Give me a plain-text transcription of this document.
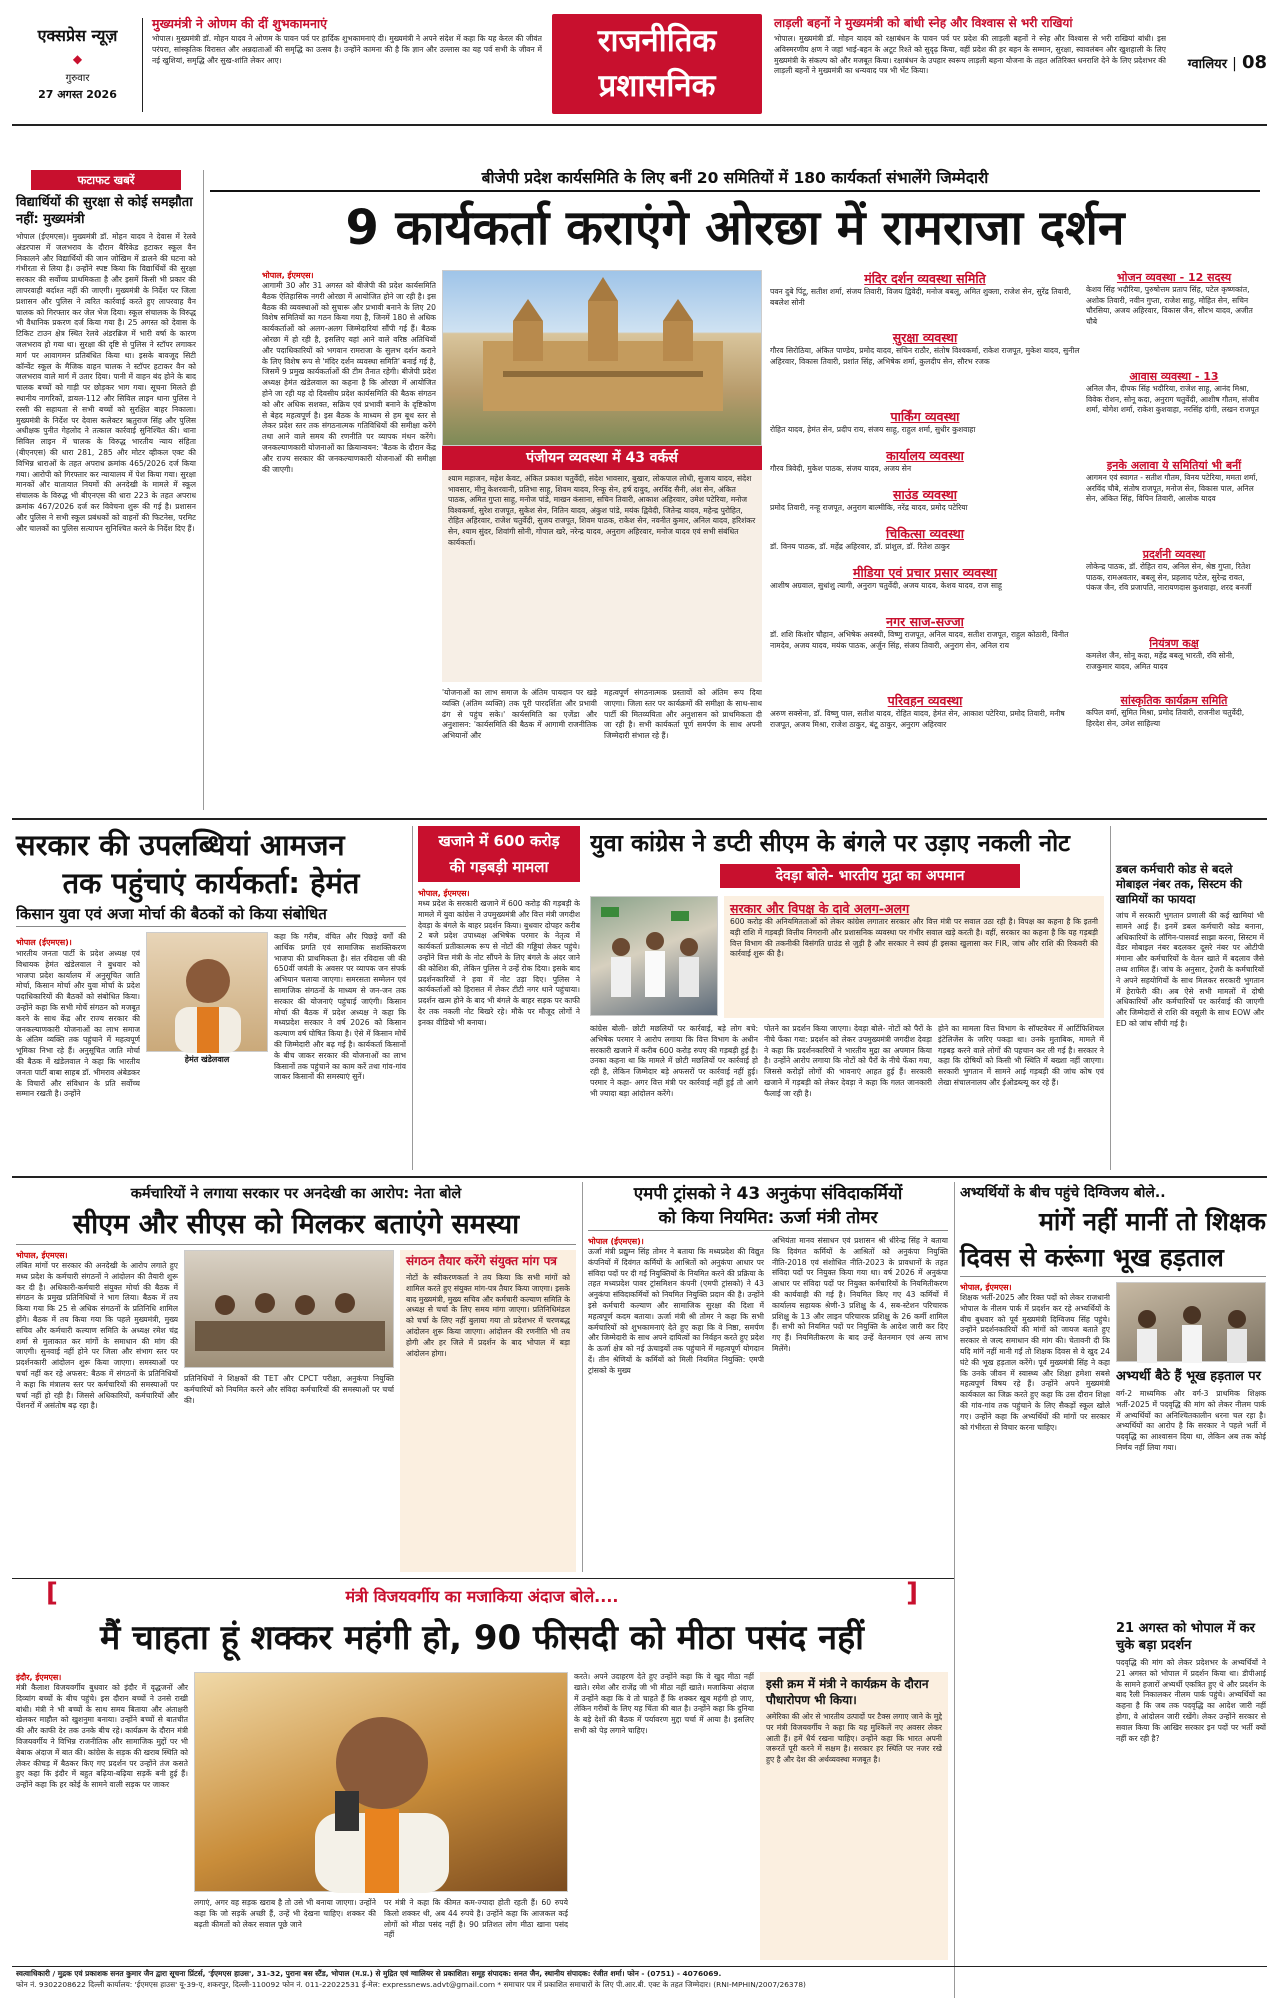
एक्सप्रेस न्यूज़
◆
गुरुवार
27 अगस्त 2026
मुख्यमंत्री ने ओणम की दीं शुभकामनाएं
भोपाल। मुख्यमंत्री डॉ. मोहन यादव ने ओणम के पावन पर्व पर हार्दिक शुभकामनाएं दी। मुख्यमंत्री ने अपने संदेश में कहा कि यह केरल की जीवंत परंपरा, सांस्कृतिक विरासत और अन्नदाताओं की समृद्धि का उत्सव है। उन्होंने कामना की है कि ज्ञान और उल्लास का यह पर्व सभी के जीवन में नई खुशियां, समृद्धि और सुख-शांति लेकर आए।
राजनीतिक
प्रशासनिक
लाड़ली बहनों ने मुख्यमंत्री को बांधी स्नेह और विश्वास से भरी राखियां
भोपाल। मुख्यमंत्री डॉ. मोहन यादव को रक्षाबंधन के पावन पर्व पर प्रदेश की लाड़ली बहनों ने स्नेह और विश्वास से भरी राखियां बांधी। इस अविस्मरणीय क्षण ने जहां भाई-बहन के अटूट रिश्ते को सुदृढ़ किया, वहीं प्रदेश की हर बहन के सम्मान, सुरक्षा, स्वावलंबन और खुशहाली के लिए मुख्यमंत्री के संकल्प को और मजबूत किया। रक्षाबंधन के उपहार स्वरूप लाड़ली बहना योजना के तहत अतिरिक्त धनराशि देने के लिए प्रदेशभर की लाड़ली बहनों ने मुख्यमंत्री का धन्यवाद पत्र भी भेंट किया।	ग्वालियर | 08
फटाफट खबरें
विद्यार्थियों की सुरक्षा से कोई समझौता नहीं: मुख्यमंत्री
भोपाल (ईएमएस)। मुख्यमंत्री डॉ. मोहन यादव ने देवास में रेलवे अंडरपास में जलभराव के दौरान बैरिकेड हटाकर स्कूल वैन निकालने और विद्यार्थियों की जान जोखिम में डालने की घटना को गंभीरता से लिया है। उन्होंने स्पष्ट किया कि विद्यार्थियों की सुरक्षा सरकार की सर्वोच्च प्राथमिकता है और इसमें किसी भी प्रकार की लापरवाही बर्दाश्त नहीं की जाएगी। मुख्यमंत्री के निर्देश पर जिला प्रशासन और पुलिस ने त्वरित कार्रवाई करते हुए लापरवाह वैन चालक को गिरफ्तार कर जेल भेज दिया। स्कूल संचालक के विरुद्ध भी वैधानिक प्रकरण दर्ज किया गया है। 25 अगस्त को देवास के टिकिट टाउन क्षेत्र स्थित रेलवे अंडरब्रिज में भारी वर्षा के कारण जलभराव हो गया था। सुरक्षा की दृष्टि से पुलिस ने स्टॉपर लगाकर मार्ग पर आवागमन प्रतिबंधित किया था। इसके बावजूद सिटी कॉन्वेंट स्कूल के मैजिक वाहन चालक ने स्टॉपर हटाकर वैन को जलभराव वाले मार्ग में उतार दिया। पानी में वाहन बंद होने के बाद चालक बच्चों को गाड़ी पर छोड़कर भाग गया। सूचना मिलते ही स्थानीय नागरिकों, डायल-112 और सिविल लाइन थाना पुलिस ने रस्सी की सहायता से सभी बच्चों को सुरक्षित बाहर निकाला। मुख्यमंत्री के निर्देश पर देवास कलेक्टर ऋतुराज सिंह और पुलिस अधीक्षक पुनीत गेहलोद ने तत्काल कार्रवाई सुनिश्चित की। थाना सिविल लाइन में चालक के विरुद्ध भारतीय न्याय संहिता (बीएनएस) की धारा 281, 285 और मोटर व्हीकल एक्ट की विभिन्न धाराओं के तहत अपराध क्रमांक 465/2026 दर्ज किया गया। आरोपी को गिरफ्तार कर न्यायालय में पेश किया गया। सुरक्षा मानकों और यातायात नियमों की अनदेखी के मामले में स्कूल संचालक के विरुद्ध भी बीएनएस की धारा 223 के तहत अपराध क्रमांक 467/2026 दर्ज कर विवेचना शुरू की गई है। प्रशासन और पुलिस ने सभी स्कूल प्रबंधकों को वाहनों की फिटनेस, परमिट और चालकों का पुलिस सत्यापन सुनिश्चित करने के निर्देश दिए हैं।
बीजेपी प्रदेश कार्यसमिति के लिए बनीं 20 समितियों में 180 कार्यकर्ता संभालेंगे जिम्मेदारी
9 कार्यकर्ता कराएंगे ओरछा में रामराजा दर्शन
भोपाल, ईएमएस।
आगामी 30 और 31 अगस्त को बीजेपी की प्रदेश कार्यसमिति बैठक ऐतिहासिक नगरी ओरछा में आयोजित होने जा रही है। इस बैठक की व्यवस्थाओं को सुचारू और प्रभावी बनाने के लिए 20 विशेष समितियों का गठन किया गया है, जिनमें 180 से अधिक कार्यकर्ताओं को अलग-अलग जिम्मेदारियां सौंपी गई हैं। बैठक ओरछा में हो रही है, इसलिए यहां आने वाले वरिष्ठ अतिथियों और पदाधिकारियों को भगवान रामराजा के सुलभ दर्शन कराने के लिए विशेष रूप से 'मंदिर दर्शन व्यवस्था समिति' बनाई गई है, जिसमें 9 प्रमुख कार्यकर्ताओं की टीम तैनात रहेगी। बीजेपी प्रदेश अध्यक्ष हेमंत खंडेलवाल का कहना है कि ओरछा में आयोजित होने जा रही यह दो दिवसीय प्रदेश कार्यसमिति की बैठक संगठन को और अधिक सशक्त, सक्रिय एवं प्रभावी बनाने के दृष्टिकोण से बेहद महत्वपूर्ण है। इस बैठक के माध्यम से हम बूथ स्तर से लेकर प्रदेश स्तर तक संगठनात्मक गतिविधियों की समीक्षा करेंगे तथा आने वाले समय की रणनीति पर व्यापक मंथन करेंगे। जनकल्याणकारी योजनाओं का क्रियान्वयन: 'बैठक के दौरान केंद्र और राज्य सरकार की जनकल्याणकारी योजनाओं की समीक्षा की जाएगी।
पंजीयन व्यवस्था में 43 वर्कर्स
श्याम महाजन, महेश केवट, अंकित प्रकाश चतुर्वेदी, संदेश भावसार, बुखार, लोकपाल लोधी, सुजाय यादव, संदेश भावसार, मीनू केशरवानी, प्रतिभा साहू, शिवम यादव, रिन्कू सेन, हर्ष दावुद, अरविंद सैनी, अंश सेन, अंकित पाठक, अमित गुप्ता साहू, मनोज पांडे, माखन कंसाना, सचिन तिवारी, आकाश अहिरवार, उमेश पटेरिया, मनोज विश्वकर्मा, सुरेश राजपूत, सुकेश सेन, नितिन यादव, अंकुश पांडे, मयंक द्विवेदी, जितेन्द्र यादव, महेन्द्र पुरोहित, रोहित अहिरवार, राजेश चतुर्वेदी, सुजय राजपूत, शिवम पाठक, राकेश सेन, नवनीत कुमार, अनिल यादव, हरिशंकर सेन, श्याम सुंदर, शिवांगी सोनी, गोपाल खरे, नरेन्द्र यादव, अनुराग अहिरवार, मनोज यादव एवं सभी संबंधित कार्यकर्ता।
'योजनाओं का लाभ समाज के अंतिम पायदान पर खड़े व्यक्ति (अंतिम व्यक्ति) तक पूरी पारदर्शिता और प्रभावी ढंग से पहुंच सके।' कार्यसमिति का एजेंडा और अनुशासन: 'कार्यसमिति की बैठक में आगामी राजनीतिक अभियानों और
महत्वपूर्ण संगठनात्मक प्रस्तावों को अंतिम रूप दिया जाएगा। जिला स्तर पर कार्यक्रमों की समीक्षा के साथ-साथ पार्टी की मितव्ययिता और अनुशासन को प्राथमिकता दी जा रही है। सभी कार्यकर्ता पूर्ण समर्पण के साथ अपनी जिम्मेदारी संभाल रहे हैं।
मंदिर दर्शन व्यवस्था समिति
पवन दुबे पिंटू, सतीश शर्मा, संजय तिवारी, विजय द्विवेदी, मनोज बबलू, अमित शुक्ला, राजेश सेन, सुरेंद्र तिवारी, बबलेश सोनी
सुरक्षा व्यवस्था
गौरव सिरोठिया, अंकित पाण्डेय, प्रमोद यादव, सचिन राठौर, संतोष विश्वकर्मा, राकेश राजपूत, मुकेश यादव, सुनील अहिरवार, विकास तिवारी, प्रशांत सिंह, अभिषेक शर्मा, कुलदीप सेन, सौरभ रजक
पार्किंग व्यवस्था
रोहित यादव, हेमंत सेन, प्रदीप राय, संजय साहू, राहुल शर्मा, सुधीर कुशवाहा
कार्यालय व्यवस्था
गौरव त्रिवेदी, मुकेश पाठक, संजय यादव, अजय सेन
साउंड व्यवस्था
प्रमोद तिवारी, नन्हू राजपूत, अनुराग बाल्मीकि, नरेंद्र यादव, प्रमोद पटेरिया
चिकित्सा व्यवस्था
डॉ. विनय पाठक, डॉ. महेंद्र अहिरवार, डॉ. प्रांशुल, डॉ. रितेश ठाकुर
मीडिया एवं प्रचार प्रसार व्यवस्था
आशीष अग्रवाल, सुधांशु त्यागी, अनुराग चतुर्वेदी, अजय यादव, केशव यादव, राज साहू
नगर साज-सज्जा
डॉ. शशि किशोर चौहान, अभिषेक अवस्थी, विष्णु राजपूत, अनिल यादव, सतीश राजपूत, राहुल कोठारी, विनीत नामदेव, अजय यादव, मयंक पाठक, अर्जुन सिंह, संजय तिवारी, अनुराग सेन, अनिल राय
परिवहन व्यवस्था
अरुण सक्सेना, डॉ. विष्णु पाल, सतीश यादव, रोहित यादव, हेमंत सेन, आकाश पटेरिया, प्रमोद तिवारी, मनीष राजपूत, अजय मिश्रा, राजेश ठाकुर, बंटू ठाकुर, अनुराग अहिरवार
भोजन व्यवस्था - 12 सदस्य
केशव सिंह भदौरिया, पुरुषोत्तम प्रताप सिंह, पटेल कृष्णकांत, अशोक तिवारी, नवीन गुप्ता, राजेश साहू, मोहित सेन, सचिन चौरसिया, अजय अहिरवार, विकास जैन, सौरभ यादव, अजीत चौबे
आवास व्यवस्था - 13
अनिल जैन, दीपक सिंह भदौरिया, राजेश साहू, आनंद मिश्रा, विवेक रोशन, सोनू कदा, अनुराग चतुर्वेदी, आशीष गौतम, संजीव शर्मा, योगेश शर्मा, राकेश कुशवाहा, नरसिंह दांगी, लखन राजपूत
इनके अलावा ये समितियां भी बनीं
आगमन एवं स्वागत - सतीश गौतम, विनय पटेरिया, ममता शर्मा, अरविंद चौबे, संतोष राजपूत, मनोज सेन, विकास पाल, अनिल सेन, अंकित सिंह, विपिन तिवारी, आलोक यादव
प्रदर्शनी व्यवस्था
लोकेन्द्र पाठक, डॉ. रोहित राय, अनिल सेन, श्रेष्ठ गुप्ता, रितेश पाठक, रामअवतार, बबलू सेन, प्रहलाद पटेल, सुरेन्द्र रावत, पंकज जैन, रवि प्रजापति, नारायणदास कुशवाहा, शरद बनर्जी
नियंत्रण कक्ष
कमलेश जैन, सोनू कदा, महेंद्र बबलू भारती, रवि सोनी, राजकुमार यादव, अमित यादव
सांस्कृतिक कार्यक्रम समिति
कपिल वर्मा, सुमित मिश्रा, प्रमोद तिवारी, राजनीश चतुर्वेदी, हिरदेश सेन, उमेश साहिल्या
सरकार की उपलब्धियां आमजन
तक पहुंचाएं कार्यकर्ता: हेमंत
किसान युवा एवं अजा मोर्चा की बैठकों को किया संबोधित
भोपाल (ईएमएस)।
भारतीय जनता पार्टी के प्रदेश अध्यक्ष एवं विधायक हेमंत खंडेलवाल ने बुधवार को भाजपा प्रदेश कार्यालय में अनुसूचित जाति मोर्चा, किसान मोर्चा और युवा मोर्चा के प्रदेश पदाधिकारियों की बैठकों को संबोधित किया। उन्होंने कहा कि सभी मोर्चे संगठन को मजबूत करने के साथ केंद्र और राज्य सरकार की जनकल्याणकारी योजनाओं का लाभ समाज के अंतिम व्यक्ति तक पहुंचाने में महत्वपूर्ण भूमिका निभा रहे हैं। अनुसूचित जाति मोर्चा की बैठक में खंडेलवाल ने कहा कि भारतीय जनता पार्टी बाबा साहब डॉ. भीमराव अंबेडकर के विचारों और संविधान के प्रति सर्वोच्च सम्मान रखती है। उन्होंने
हेमंत खंडेलवाल
कहा कि गरीब, वंचित और पिछड़े वर्गों की आर्थिक प्रगति एवं सामाजिक सशक्तिकरण भाजपा की प्राथमिकता है। संत रविदास जी की 650वीं जयंती के अवसर पर व्यापक जन संपर्क अभियान चलाया जाएगा। समरसता सम्मेलन एवं सामाजिक संगठनों के माध्यम से जन-जन तक सरकार की योजनाएं पहुंचाई जाएंगी। किसान मोर्चा की बैठक में प्रदेश अध्यक्ष ने कहा कि मध्यप्रदेश सरकार ने वर्ष 2026 को किसान कल्याण वर्ष घोषित किया है। ऐसे में किसान मोर्चे की जिम्मेदारी और बढ़ गई है। कार्यकर्ता किसानों के बीच जाकर सरकार की योजनाओं का लाभ किसानों तक पहुंचाने का काम करें तथा गांव-गांव जाकर किसानों की समस्याएं सुनें।
खजाने में 600 करोड़
की गड़बड़ी मामला
भोपाल, ईएमएस।
मध्य प्रदेश के सरकारी खजाने में 600 करोड़ की गड़बड़ी के मामले में युवा कांग्रेस ने उपमुख्यमंत्री और वित्त मंत्री जगदीश देवड़ा के बंगले के बाहर प्रदर्शन किया। बुधवार दोपहर करीब 2 बजे प्रदेश उपाध्यक्ष अभिषेक परमार के नेतृत्व में कार्यकर्ता प्रतीकात्मक रूप से नोटों की गड्डियां लेकर पहुंचे। उन्होंने वित्त मंत्री के नोट सौंपने के लिए बंगले के अंदर जाने की कोशिश की, लेकिन पुलिस ने उन्हें रोक दिया। इसके बाद प्रदर्शनकारियों ने हवा में नोट उड़ा दिए। पुलिस ने कार्यकर्ताओं को हिरासत में लेकर टीटी नगर थाने पहुंचाया। प्रदर्शन खत्म होने के बाद भी बंगले के बाहर सड़क पर काफी देर तक नकली नोट बिखरे रहे। मौके पर मौजूद लोगों ने इनका वीडियो भी बनाया।
युवा कांग्रेस ने डप्टी सीएम के बंगले पर उड़ाए नकली नोट
देवड़ा बोले- भारतीय मुद्रा का अपमान
सरकार और विपक्ष के दावे अलग-अलग
600 करोड़ की अनियमितताओं को लेकर कांग्रेस लगातार सरकार और वित्त मंत्री पर सवाल उठा रही है। विपक्ष का कहना है कि इतनी बड़ी राशि में गड़बड़ी वित्तीय निगरानी और प्रशासनिक व्यवस्था पर गंभीर सवाल खड़े करती है। वहीं, सरकार का कहना है कि यह गड़बड़ी वित्त विभाग की तकनीकी विसंगति ग्राउंड से जुड़ी है और सरकार ने स्वयं ही इसका खुलासा कर FIR, जांच और राशि की रिकवरी की कार्रवाई शुरू की है।
कांग्रेस बोली- छोटी मछलियों पर कार्रवाई, बड़े लोग बचे: अभिषेक परमार ने आरोप लगाया कि वित्त विभाग के अधीन सरकारी खजाने में करीब 600 करोड़ रुपए की गड़बड़ी हुई है। उनका कहना था कि मामले में छोटी मछलियों पर कार्रवाई हो रही है, लेकिन जिम्मेदार बड़े अफसरों पर कार्रवाई नहीं हुई। परमार ने कहा- अगर वित्त मंत्री पर कार्रवाई नहीं हुई तो आगे भी ज्यादा बड़ा आंदोलन करेंगे।
पोतने का प्रदर्शन किया जाएगा। देवड़ा बोले- नोटों को पैरों के नीचे फेंका गया: प्रदर्शन को लेकर उपमुख्यमंत्री जगदीश देवड़ा ने कहा कि प्रदर्शनकारियों ने भारतीय मुद्रा का अपमान किया है। उन्होंने आरोप लगाया कि नोटों को पैरों के नीचे फेंका गया, जिससे करोड़ों लोगों की भावनाएं आहत हुई हैं। सरकारी खजाने में गड़बड़ी को लेकर देवड़ा ने कहा कि गलत जानकारी फैलाई जा रही है।
होने का मामला वित्त विभाग के सॉफ्टवेयर में आर्टिफिशियल इंटेलिजेंस के जरिए पकड़ा था। उनके मुताबिक, मामले में गड़बड़ करने वाले लोगों की पहचान कर ली गई है। सरकार ने कहा कि दोषियों को किसी भी स्थिति में बख्शा नहीं जाएगा। सरकारी भुगतान में सामने आई गड़बड़ी की जांच कोष एवं लेखा संचालनालय और ईओडब्ल्यू कर रहे हैं।
डबल कर्मचारी कोड से बदले मोबाइल नंबर तक, सिस्टम की खामियों का फायदा
जांच में सरकारी भुगतान प्रणाली की कई खामियां भी सामने आई हैं। इनमें डबल कर्मचारी कोड बनाना, अधिकारियों के लॉगिन-पासवर्ड साझा करना, सिस्टम में वेंडर मोबाइल नंबर बदलकर दूसरे नंबर पर ओटीपी मंगाना और कर्मचारियों के वेतन खाते में बदलाव जैसे तथ्य शामिल हैं। जांच के अनुसार, ट्रेजरी के कर्मचारियों ने अपने सहयोगियों के साथ मिलकर सरकारी भुगतान में हेराफेरी की। अब ऐसे सभी मामलों में दोषी अधिकारियों और कर्मचारियों पर कार्रवाई की जाएगी और जिम्मेदारों से राशि की वसूली के साथ EOW और ED को जांच सौंपी गई है।
कर्मचारियों ने लगाया सरकार पर अनदेखी का आरोप: नेता बोले
सीएम और सीएस को मिलकर बताएंगे समस्या
भोपाल, ईएमएस।
लंबित मांगों पर सरकार की अनदेखी के आरोप लगाते हुए मध्य प्रदेश के कर्मचारी संगठनों ने आंदोलन की तैयारी शुरू कर दी है। अधिकारी-कर्मचारी संयुक्त मोर्चा की बैठक में संगठन के प्रमुख प्रतिनिधियों ने भाग लिया। बैठक में तय किया गया कि 25 से अधिक संगठनों के प्रतिनिधि शामिल होंगे। बैठक में तय किया गया कि पहले मुख्यमंत्री, मुख्य सचिव और कर्मचारी कल्याण समिति के अध्यक्ष रमेश चंद्र शर्मा से मुलाकात कर मांगों के समाधान की मांग की जाएगी। सुनवाई नहीं होने पर जिला और संभाग स्तर पर प्रदर्शनकारी आंदोलन शुरू किया जाएगा। समस्याओं पर चर्चा नहीं कर रहे अफसर: बैठक में संगठनों के प्रतिनिधियों ने कहा कि मंत्रालय स्तर पर कर्मचारियों की समस्याओं पर चर्चा नहीं हो रही है। जिससे अधिकारियों, कर्मचारियों और पेंशनरों में असंतोष बढ़ रहा है।
प्रतिनिधियों ने शिक्षकों की TET और CPCT परीक्षा, अनुकंपा नियुक्ति कर्मचारियों को नियमित करने और संविदा कर्मचारियों की समस्याओं पर चर्चा की।
संगठन तैयार करेंगे संयुक्त मांग पत्र
नोटों के स्वीकरणकर्ता ने तय किया कि सभी मांगों को शामिल करते हुए संयुक्त मांग-पत्र तैयार किया जाएगा। इसके बाद मुख्यमंत्री, मुख्य सचिव और कर्मचारी कल्याण समिति के अध्यक्ष से चर्चा के लिए समय मांगा जाएगा। प्रतिनिधिमंडल को चर्चा के लिए नहीं बुलाया गया तो प्रदेशभर में चरणबद्ध आंदोलन शुरू किया जाएगा। आंदोलन की रणनीति भी तय होगी और हर जिले में प्रदर्शन के बाद भोपाल में बड़ा आंदोलन होगा।
एमपी ट्रांसको ने 43 अनुकंपा संविदाकर्मियों
को किया नियमित: ऊर्जा मंत्री तोमर
भोपाल (ईएमएस)।
ऊर्जा मंत्री प्रद्युम्न सिंह तोमर ने बताया कि मध्यप्रदेश की विद्युत कंपनियों में दिवंगत कर्मियों के आश्रितों को अनुकंपा आधार पर संविदा पदों पर दी गई नियुक्तियों के नियमित करने की प्रक्रिया के तहत मध्यप्रदेश पावर ट्रांसमिशन कंपनी (एमपी ट्रांसको) ने 43 अनुकंपा संविदाकर्मियों को नियमित नियुक्ति प्रदान की है। उन्होंने इसे कर्मचारी कल्याण और सामाजिक सुरक्षा की दिशा में महत्वपूर्ण कदम बताया। ऊर्जा मंत्री श्री तोमर ने कहा कि सभी कर्मचारियों को शुभकामनाएं देते हुए कहा कि वे निष्ठा, समर्पण और जिम्मेदारी के साथ अपने दायित्वों का निर्वहन करते हुए प्रदेश के ऊर्जा क्षेत्र को नई ऊंचाइयों तक पहुंचाने में महत्वपूर्ण योगदान दें। तीन श्रेणियों के कर्मियों को मिली नियमित नियुक्ति: एमपी ट्रांसको के मुख्य
अभियंता मानव संसाधन एवं प्रशासन श्री धीरेन्द्र सिंह ने बताया कि दिवंगत कर्मियों के आश्रितों को अनुकंपा नियुक्ति नीति-2018 एवं संशोधित नीति-2023 के प्रावधानों के तहत संविदा पदों पर नियुक्त किया गया था। वर्ष 2026 में अनुकंपा आधार पर संविदा पदों पर नियुक्त कर्मचारियों के नियमितीकरण की कार्यवाही की गई है। नियमित किए गए 43 कर्मियों में कार्यालय सहायक श्रेणी-3 प्रशिक्षु के 4, सब-स्टेशन परिचारक प्रशिक्षु के 13 और लाइन परिचारक प्रशिक्षु के 26 कर्मी शामिल हैं। सभी को नियमित पदों पर नियुक्ति के आदेश जारी कर दिए गए हैं। नियमितीकरण के बाद उन्हें वेतनमान एवं अन्य लाभ मिलेंगे।
अभ्यर्थियों के बीच पहुंचे दिग्विजय बोले..
मांगें नहीं मानीं तो शिक्षक
दिवस से करूंगा भूख हड़ताल
भोपाल, ईएमएस।
शिक्षक भर्ती-2025 और रिक्त पदों को लेकर राजधानी भोपाल के नीलम पार्क में प्रदर्शन कर रहे अभ्यर्थियों के बीच बुधवार को पूर्व मुख्यमंत्री दिग्विजय सिंह पहुंचे। उन्होंने प्रदर्शनकारियों की मांगों को जायज बताते हुए सरकार से जल्द समाधान की मांग की। चेतावनी दी कि यदि मांगें नहीं मानी गईं तो शिक्षक दिवस से वे खुद 24 घंटे की भूख हड़ताल करेंगे। पूर्व मुख्यमंत्री सिंह ने कहा कि उनके जीवन में स्वास्थ्य और शिक्षा हमेशा सबसे महत्वपूर्ण विषय रहे हैं। उन्होंने अपने मुख्यमंत्री कार्यकाल का जिक्र करते हुए कहा कि उस दौरान शिक्षा की गांव-गांव तक पहुंचाने के लिए सैकड़ों स्कूल खोले गए। उन्होंने कहा कि अभ्यर्थियों की मांगों पर सरकार को गंभीरता से विचार करना चाहिए।
अभ्यर्थी बैठे हैं भूख हड़ताल पर
वर्ग-2 माध्यमिक और वर्ग-3 प्राथमिक शिक्षक भर्ती-2025 में पदवृद्धि की मांग को लेकर नीलम पार्क में अभ्यर्थियों का अनिश्चितकालीन धरना चल रहा है। अभ्यर्थियों का आरोप है कि सरकार ने पहले भर्ती में पदवृद्धि का आश्वासन दिया था, लेकिन अब तक कोई निर्णय नहीं लिया गया।
21 अगस्त को भोपाल में कर चुके बड़ा प्रदर्शन
पदवृद्धि की मांग को लेकर प्रदेशभर के अभ्यर्थियों ने 21 अगस्त को भोपाल में प्रदर्शन किया था। डीपीआई के सामने हजारों अभ्यर्थी एकत्रित हुए थे और प्रदर्शन के बाद रैली निकालकर नीलम पार्क पहुंचे। अभ्यर्थियों का कहना है कि जब तक पदवृद्धि का आदेश जारी नहीं होगा, वे आंदोलन जारी रखेंगे। लेकर उन्होंने सरकार से सवाल किया कि आखिर सरकार इन पदों पर भर्ती क्यों नहीं कर रही है?
[	मंत्री विजयवर्गीय का मजाकिया अंदाज बोले....	]
मैं चाहता हूं शक्कर महंगी हो, 90 फीसदी को मीठा पसंद नहीं
इंदौर, ईएमएस।
मंत्री कैलाश विजयवर्गीय बुधवार को इंदौर में वृद्धजनों और दिव्यांग बच्चों के बीच पहुंचे। इस दौरान बच्चों ने उनसे राखी बांधी। मंत्री ने भी बच्चों के साथ समय बिताया और अंताक्षरी खेलकर माहौल को खुशनुमा बनाया। उन्होंने बच्चों से बातचीत की और काफी देर तक उनके बीच रहे। कार्यक्रम के दौरान मंत्री विजयवर्गीय ने विभिन्न राजनीतिक और सामाजिक मुद्दों पर भी बेबाक अंदाज में बात की। कांग्रेस के सड़क की खराब स्थिति को लेकर कीचड़ में बैठकर किए गए प्रदर्शन पर उन्होंने तंज कसते हुए कहा कि इंदौर में बहुत बढ़िया-बढ़िया सड़कें बनी हुई हैं। उन्होंने कहा कि हर कोई के सामने वाली सड़क पर जाकर
लगाएं, अगर वह सड़क खराब है तो उसे भी बनाया जाएगा। उन्होंने कहा कि जो सड़कें अच्छी हैं, उन्हें भी देखना चाहिए। शक्कर की बढ़ती कीमतों को लेकर सवाल पूछे जाने
पर मंत्री ने कहा कि कीमत कम-ज्यादा होती रहती हैं। 60 रुपये किलो शक्कर थी, अब 44 रुपये है। उन्होंने कहा कि आजकल कई लोगों को मीठा पसंद नहीं है। 90 प्रतिशत लोग मीठा खाना पसंद नहीं
करते। अपने उदाहरण देते हुए उन्होंने कहा कि वे खुद मीठा नहीं खाते। रमेश और राजेंद्र जी भी मीठा नहीं खाते। मजाकिया अंदाज में उन्होंने कहा कि वे तो चाहते हैं कि शक्कर खूब महंगी हो जाए, लेकिन गरीबों के लिए यह चिंता की बात है। उन्होंने कहा कि दुनिया के बड़े देशों की बैठक में पर्यावरण मुद्दा चर्चा में आया है। इसलिए सभी को पेड़ लगाने चाहिए।
इसी क्रम में मंत्री ने कार्यक्रम के दौरान पौधारोपण भी किया।
अमेरिका की ओर से भारतीय उत्पादों पर टैक्स लगाए जाने के मुद्दे पर मंत्री विजयवर्गीय ने कहा कि यह मुश्किलें नए अवसर लेकर आती हैं। हमें धैर्य रखना चाहिए। उन्होंने कहा कि भारत अपनी जरूरतें पूरी करने में सक्षम है। सरकार हर स्थिति पर नजर रखे हुए है और देश की अर्थव्यवस्था मजबूत है।
स्वत्वाधिकारी / मुद्रक एवं प्रकाशक सनत कुमार जैन द्वारा सूचना प्रिंटर्स, 'ईएमएस हाउस', 31-32, पुराना बस स्टैंड, भोपाल (म.प्र.) से मुद्रित एवं ग्वालियर से प्रकाशित। समूह संपादक: सनत जैन, स्थानीय संपादक: रंजीत शर्मा। फोन - (0751) - 4076069.
फोन नं. 9302208622 दिल्ली कार्यालय: 'ईएमएस हाउस' यू-39-ए, शकरपुर, दिल्ली-110092 फोन नं. 011-22022531 ई-मेल: expressnews.advt@gmail.com * समाचार पत्र में प्रकाशित समाचारों के लिए पी.आर.बी. एक्ट के तहत जिम्मेदार। (RNI-MPHIN/2007/26378)
